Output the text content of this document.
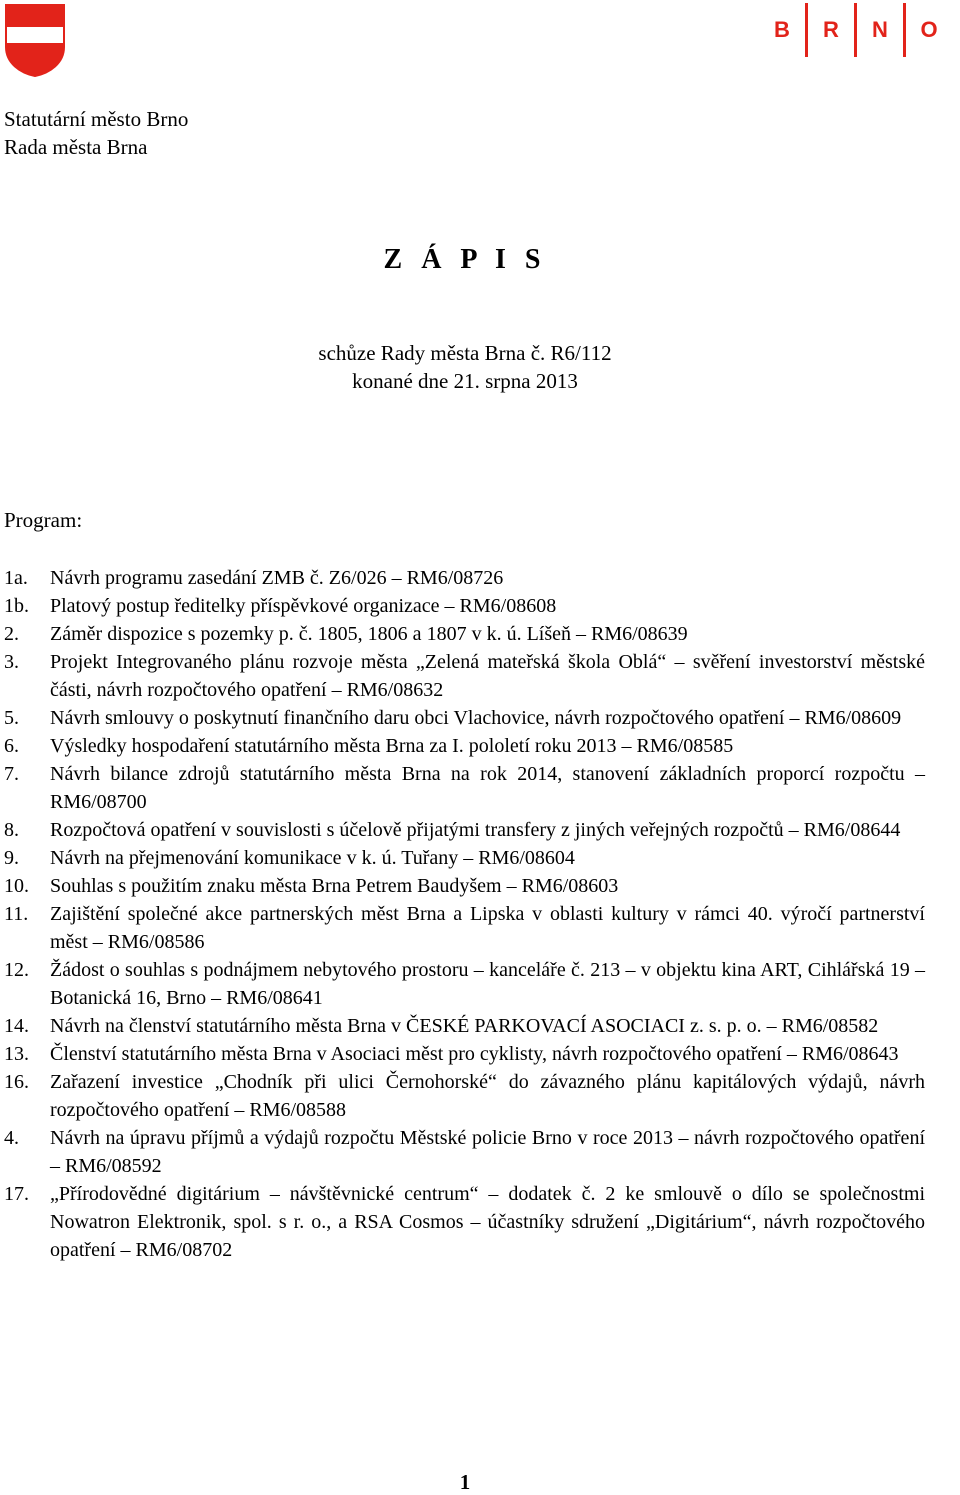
B	R	N	O
Statutární město Brno
Rada města Brna
Z Á P I S
schůze Rady města Brna č. R6/112
konané dne 21. srpna 2013
Program:
1a.	Návrh programu zasedání ZMB č. Z6/026 – RM6/08726
1b.	Platový postup ředitelky příspěvkové organizace – RM6/08608
2.	Záměr dispozice s pozemky p. č. 1805, 1806 a 1807 v k. ú. Líšeň – RM6/08639
3.	Projekt Integrovaného plánu rozvoje města „Zelená mateřská škola Oblá“ – svěření investorství městské části, návrh rozpočtového opatření – RM6/08632
5.	Návrh smlouvy o poskytnutí finančního daru obci Vlachovice, návrh rozpočtového opatření – RM6/08609
6.	Výsledky hospodaření statutárního města Brna za I. pololetí roku 2013 – RM6/08585
7.	Návrh bilance zdrojů statutárního města Brna na rok 2014, stanovení základních proporcí rozpočtu – RM6/08700
8.	Rozpočtová opatření v souvislosti s účelově přijatými transfery z jiných veřejných rozpočtů – RM6/08644
9.	Návrh na přejmenování komunikace v k. ú. Tuřany – RM6/08604
10.	Souhlas s použitím znaku města Brna Petrem Baudyšem – RM6/08603
11.	Zajištění společné akce partnerských měst Brna a Lipska v oblasti kultury v rámci 40. výročí partnerství měst – RM6/08586
12.	Žádost o souhlas s podnájmem nebytového prostoru – kanceláře č. 213 – v objektu kina ART, Cihlářská 19 – Botanická 16, Brno – RM6/08641
14.	Návrh na členství statutárního města Brna v ČESKÉ PARKOVACÍ ASOCIACI z. s. p. o. – RM6/08582
13.	Členství statutárního města Brna v Asociaci měst pro cyklisty, návrh rozpočtového opatření – RM6/08643
16.	Zařazení investice „Chodník při ulici Černohorské“ do závazného plánu kapitálových výdajů, návrh rozpočtového opatření – RM6/08588
4.	Návrh na úpravu příjmů a výdajů rozpočtu Městské policie Brno v roce 2013 – návrh rozpočtového opatření – RM6/08592
17.	„Přírodovědné digitárium – návštěvnické centrum“ – dodatek č. 2 ke smlouvě o dílo se společnostmi Nowatron Elektronik, spol. s r. o., a RSA Cosmos – účastníky sdružení „Digitárium“, návrh rozpočtového opatření – RM6/08702
1
